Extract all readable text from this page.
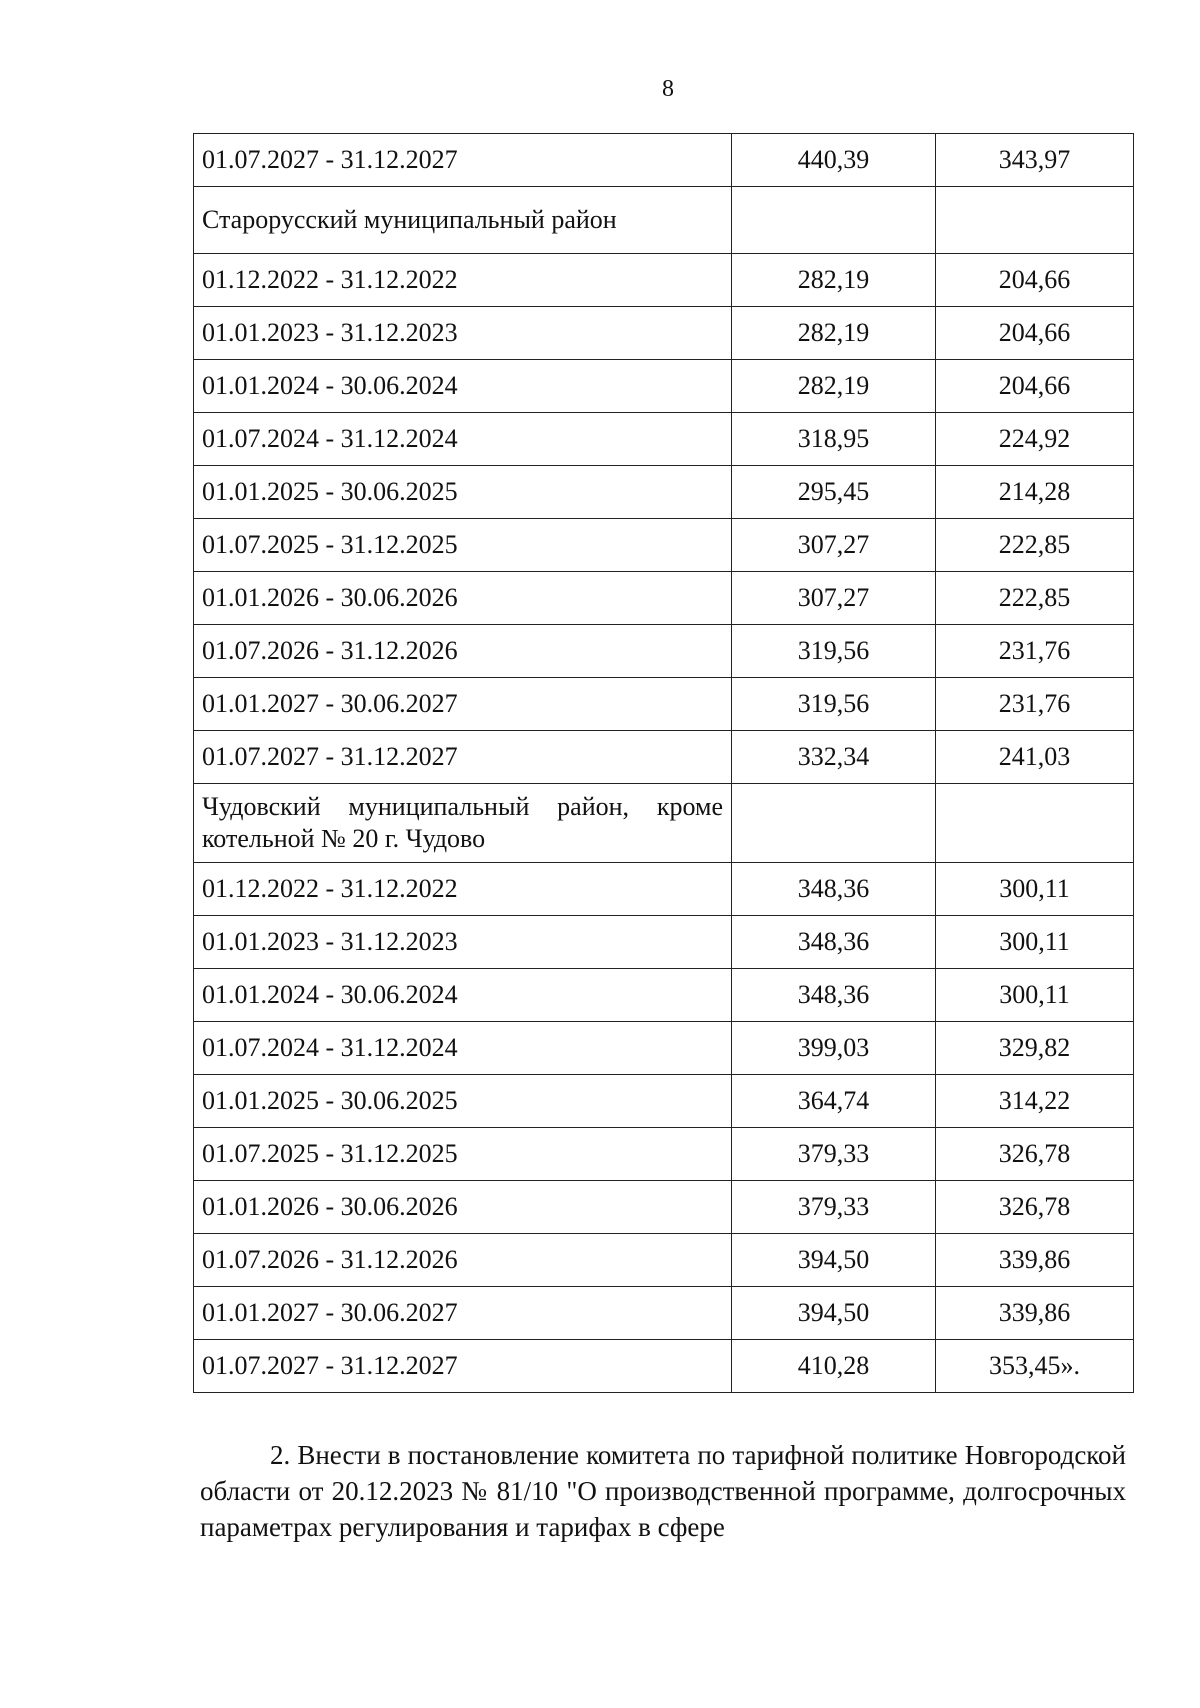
8
01.07.2027 - 31.12.2027	440,39	343,97
Старорусский муниципальный район		
01.12.2022 - 31.12.2022	282,19	204,66
01.01.2023 - 31.12.2023	282,19	204,66
01.01.2024 - 30.06.2024	282,19	204,66
01.07.2024 - 31.12.2024	318,95	224,92
01.01.2025 - 30.06.2025	295,45	214,28
01.07.2025 - 31.12.2025	307,27	222,85
01.01.2026 - 30.06.2026	307,27	222,85
01.07.2026 - 31.12.2026	319,56	231,76
01.01.2027 - 30.06.2027	319,56	231,76
01.07.2027 - 31.12.2027	332,34	241,03
Чудовский муниципальный район, кроме котельной № 20 г. Чудово		
01.12.2022 - 31.12.2022	348,36	300,11
01.01.2023 - 31.12.2023	348,36	300,11
01.01.2024 - 30.06.2024	348,36	300,11
01.07.2024 - 31.12.2024	399,03	329,82
01.01.2025 - 30.06.2025	364,74	314,22
01.07.2025 - 31.12.2025	379,33	326,78
01.01.2026 - 30.06.2026	379,33	326,78
01.07.2026 - 31.12.2026	394,50	339,86
01.01.2027 - 30.06.2027	394,50	339,86
01.07.2027 - 31.12.2027	410,28	353,45».

2. Внести в постановление комитета по тарифной политике Новгородской области от 20.12.2023 № 81/10 "О производственной программе, долгосрочных параметрах регулирования и тарифах в сфере
